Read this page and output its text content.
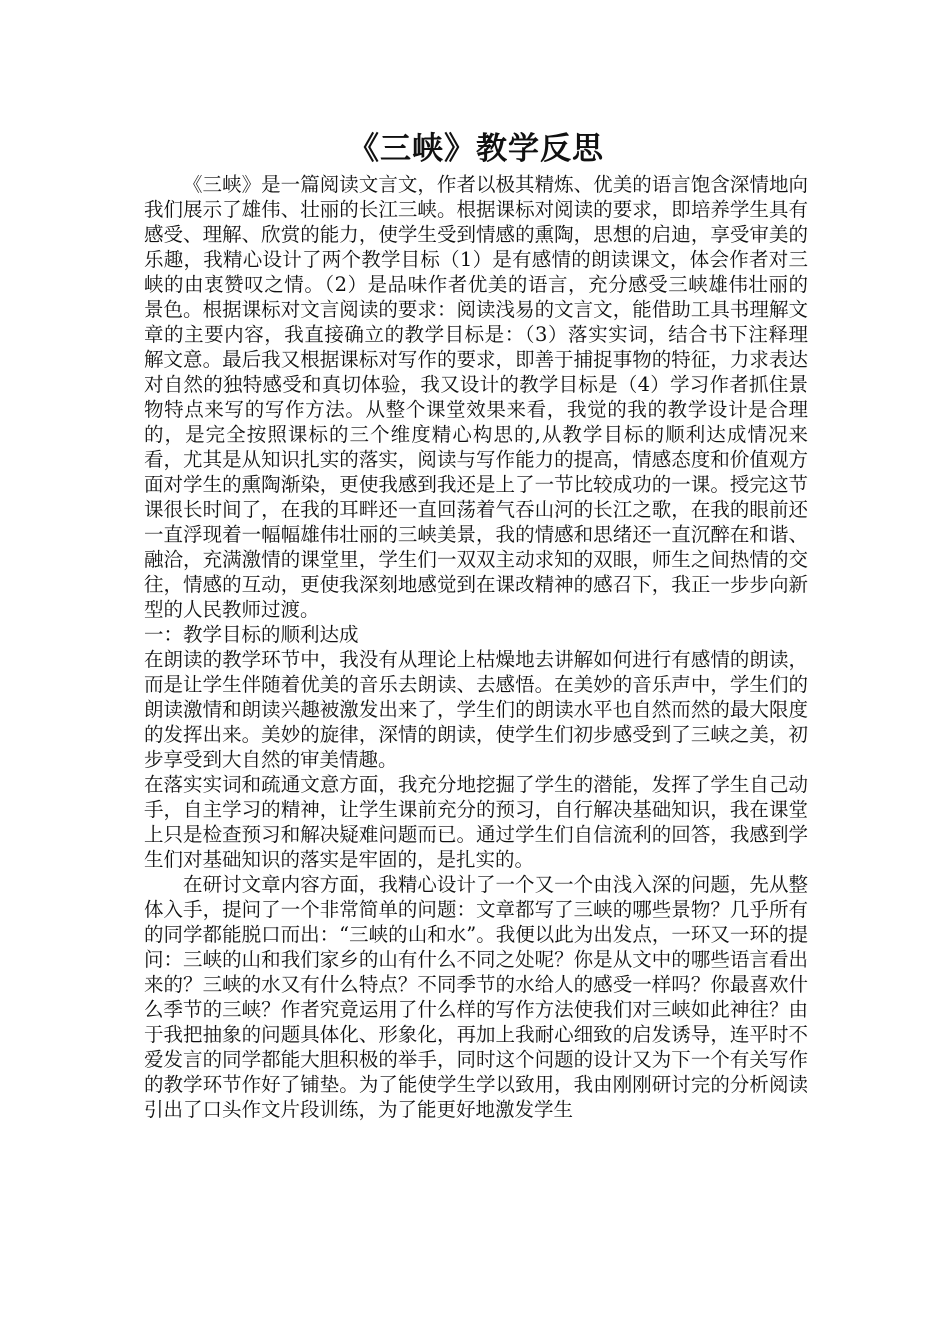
《三峡》教学反思

《三峡》是一篇阅读文言文，作者以极其精炼、优美的语言饱含深情地向我们展示了雄伟、壮丽的长江三峡。根据课标对阅读的要求，即培养学生具有感受、理解、欣赏的能力，使学生受到情感的熏陶，思想的启迪，享受审美的乐趣，我精心设计了两个教学目标（1）是有感情的朗读课文，体会作者对三峡的由衷赞叹之情。（2）是品味作者优美的语言，充分感受三峡雄伟壮丽的景色。根据课标对文言阅读的要求：阅读浅易的文言文，能借助工具书理解文章的主要内容，我直接确立的教学目标是：（3）落实实词，结合书下注释理解文意。最后我又根据课标对写作的要求，即善于捕捉事物的特征，力求表达对自然的独特感受和真切体验，我又设计的教学目标是（4）学习作者抓住景物特点来写的写作方法。从整个课堂效果来看，我觉的我的教学设计是合理的，是完全按照课标的三个维度精心构思的,从教学目标的顺利达成情况来看，尤其是从知识扎实的落实，阅读与写作能力的提高，情感态度和价值观方面对学生的熏陶渐染，更使我感到我还是上了一节比较成功的一课。授完这节课很长时间了，在我的耳畔还一直回荡着气吞山河的长江之歌，在我的眼前还一直浮现着一幅幅雄伟壮丽的三峡美景，我的情感和思绪还一直沉醉在和谐、融洽，充满激情的课堂里，学生们一双双主动求知的双眼，师生之间热情的交往，情感的互动，更使我深刻地感觉到在课改精神的感召下，我正一步步向新型的人民教师过渡。

一：教学目标的顺利达成

在朗读的教学环节中，我没有从理论上枯燥地去讲解如何进行有感情的朗读，而是让学生伴随着优美的音乐去朗读、去感悟。在美妙的音乐声中，学生们的朗读激情和朗读兴趣被激发出来了，学生们的朗读水平也自然而然的最大限度的发挥出来。美妙的旋律，深情的朗读，使学生们初步感受到了三峡之美，初步享受到大自然的审美情趣。

在落实实词和疏通文意方面，我充分地挖掘了学生的潜能，发挥了学生自己动手，自主学习的精神，让学生课前充分的预习，自行解决基础知识，我在课堂上只是检查预习和解决疑难问题而已。通过学生们自信流利的回答，我感到学生们对基础知识的落实是牢固的，是扎实的。

在研讨文章内容方面，我精心设计了一个又一个由浅入深的问题，先从整体入手，提问了一个非常简单的问题：文章都写了三峡的哪些景物？几乎所有的同学都能脱口而出：“三峡的山和水”。我便以此为出发点，一环又一环的提问：三峡的山和我们家乡的山有什么不同之处呢？你是从文中的哪些语言看出来的？三峡的水又有什么特点？不同季节的水给人的感受一样吗？你最喜欢什么季节的三峡？作者究竟运用了什么样的写作方法使我们对三峡如此神往？由于我把抽象的问题具体化、形象化，再加上我耐心细致的启发诱导，连平时不爱发言的同学都能大胆积极的举手，同时这个问题的设计又为下一个有关写作的教学环节作好了铺垫。为了能使学生学以致用，我由刚刚研讨完的分析阅读引出了口头作文片段训练，为了能更好地激发学生
